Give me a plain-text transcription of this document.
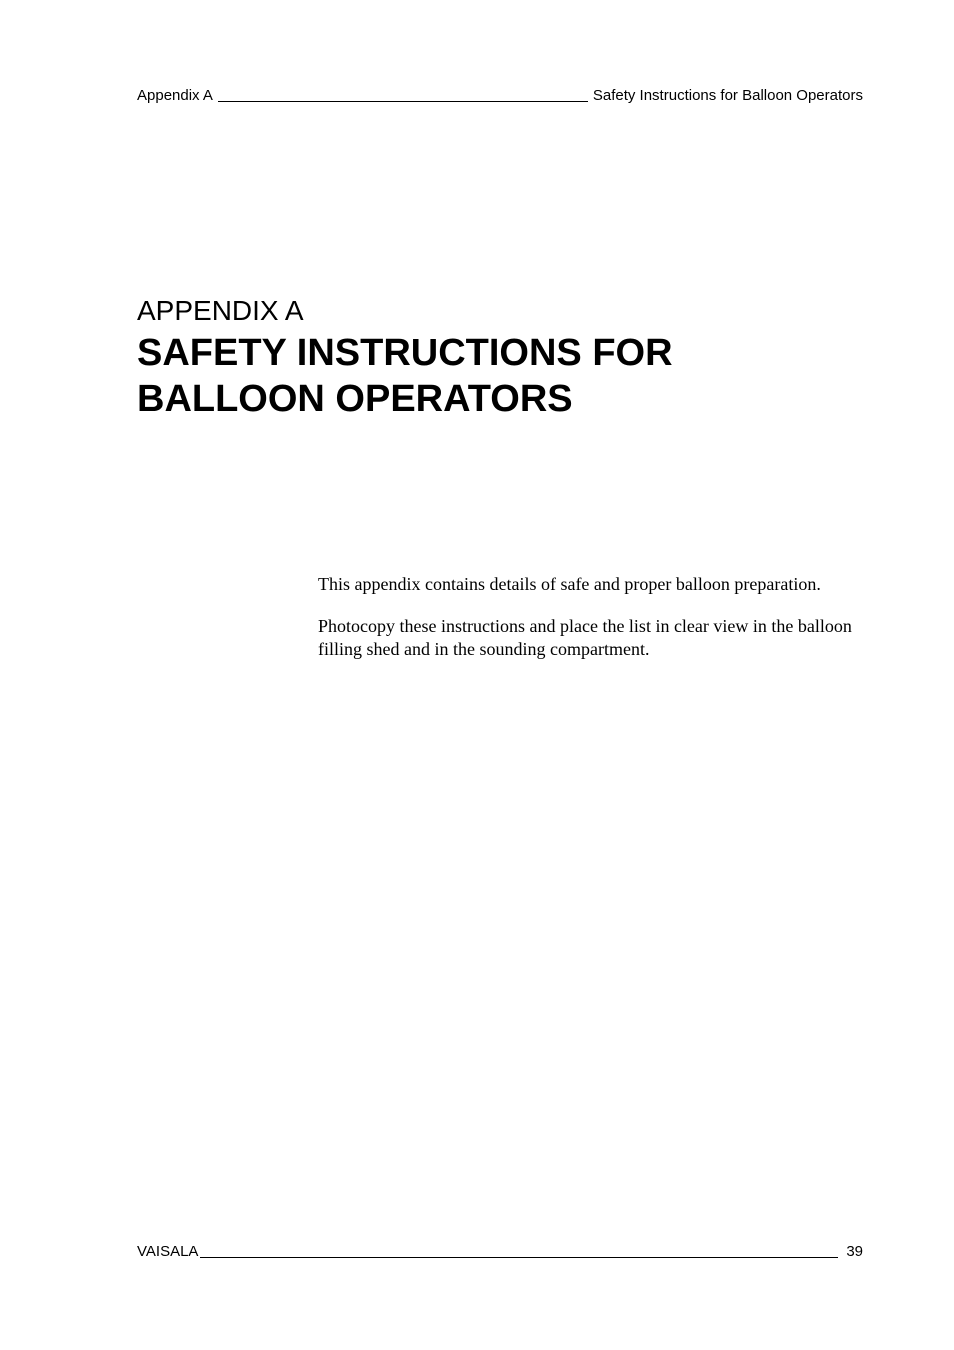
Appendix A	Safety Instructions for Balloon Operators
APPENDIX A
SAFETY INSTRUCTIONS FOR BALLOON OPERATORS

This appendix contains details of safe and proper balloon preparation.

Photocopy these instructions and place the list in clear view in the balloon filling shed and in the sounding compartment.

VAISALA	39
